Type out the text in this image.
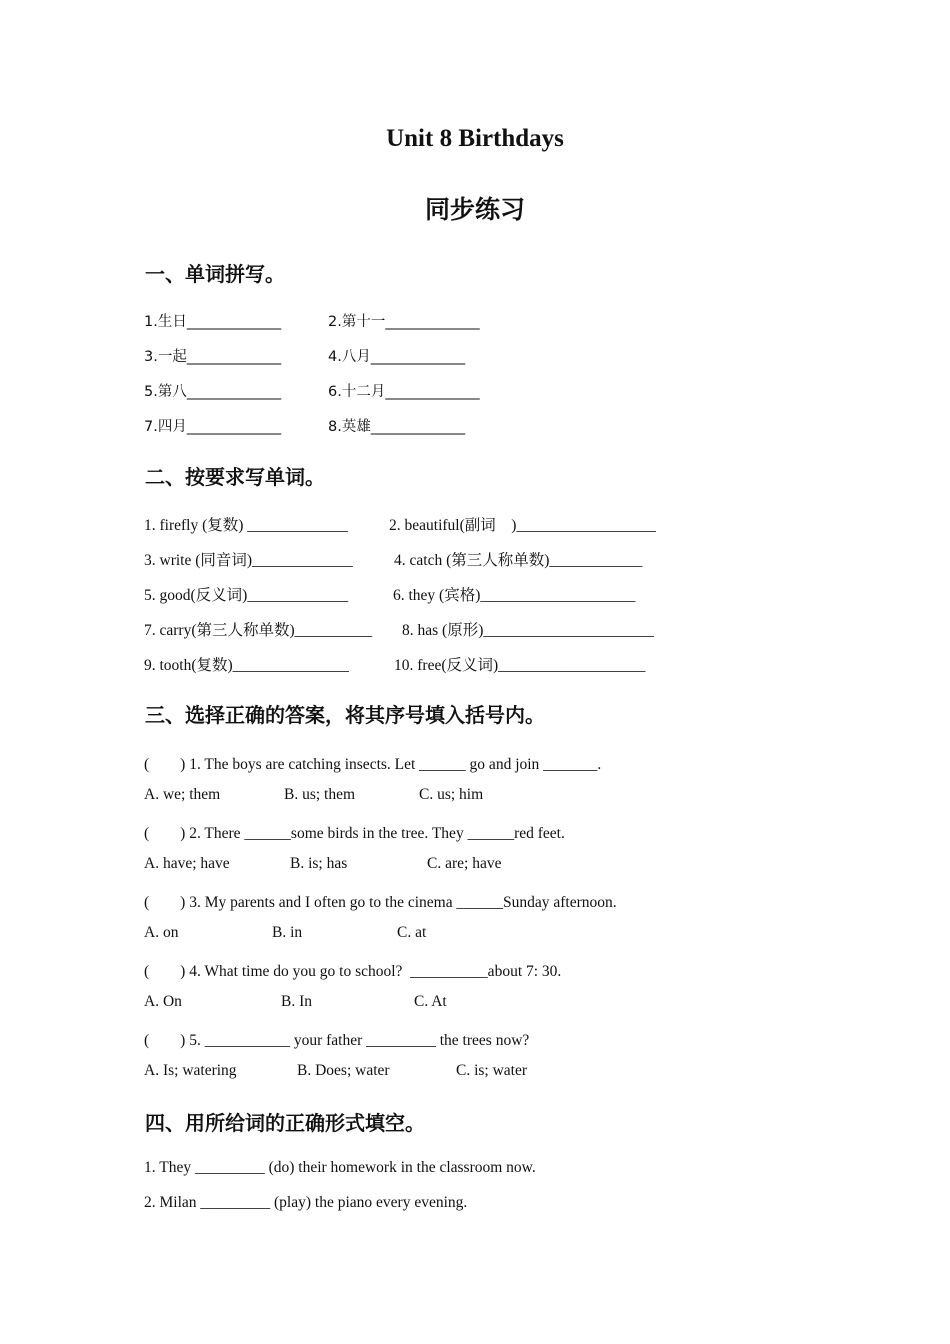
Unit 8 Birthdays
同步练习
一、单词拼写。
1.生日_____________	2.第十一_____________
3.一起_____________	4.八月_____________
5.第八_____________	6.十二月_____________
7.四月_____________	8.英雄_____________
二、按要求写单词。
1. firefly (复数) _____________	2. beautiful(副词　)__________________
3. write (同音词)_____________	4. catch (第三人称单数)____________
5. good(反义词)_____________	6. they (宾格)____________________
7. carry(第三人称单数)__________ 8. has (原形)______________________
9. tooth(复数)_______________	10. free(反义词)___________________
三、选择正确的答案，将其序号填入括号内。
(　　) 1. The boys are catching insects. Let ______ go and join _______.
A. we; them	B. us; them	C. us; him
(　　) 2. There ______some birds in the tree. They ______red feet.
A. have; have	B. is; has	C. are; have
(　　) 3. My parents and I often go to the cinema ______Sunday afternoon.
A. on	B. in	C. at
(　　) 4. What time do you go to school?  __________about 7: 30.
A. On	B. In	C. At
(　　) 5. ___________ your father _________ the trees now?
A. Is; watering	B. Does; water	C. is; water
四、用所给词的正确形式填空。
1. They _________ (do) their homework in the classroom now.
2. Milan _________ (play) the piano every evening.
